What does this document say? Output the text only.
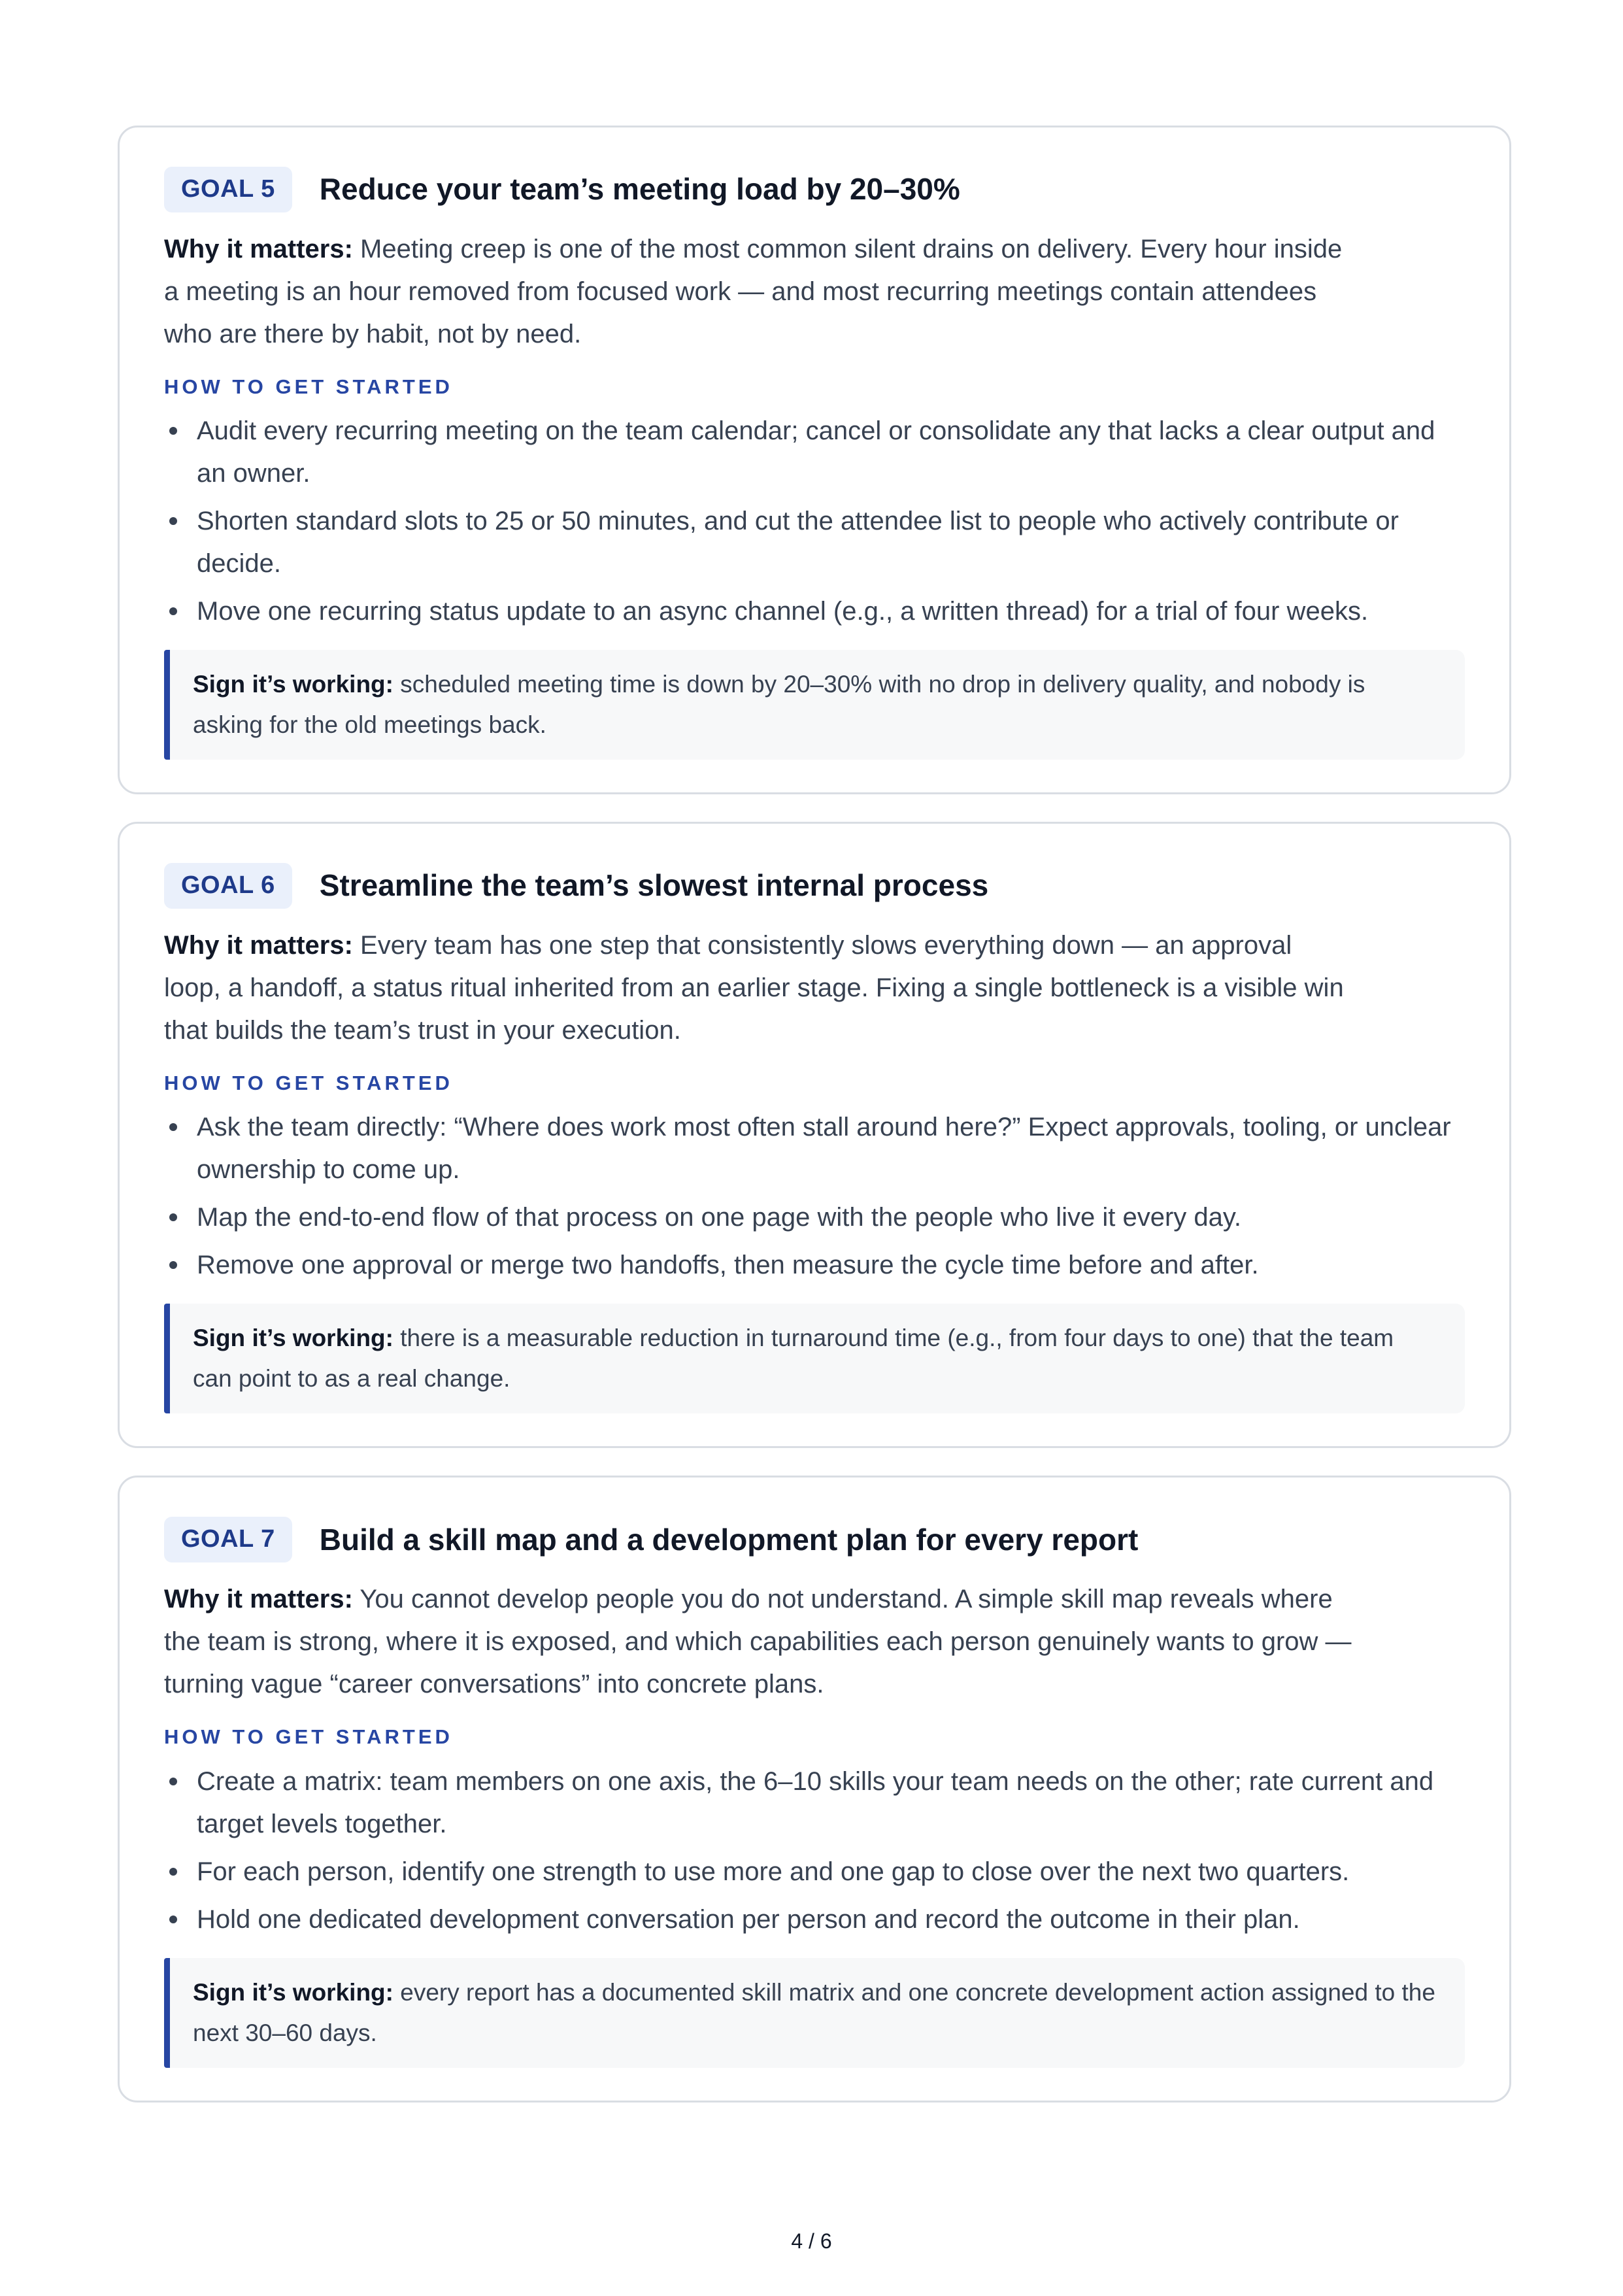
GOAL 5	Reduce your team’s meeting load by 20–30%

Why it matters: Meeting creep is one of the most common silent drains on delivery. Every hour inside a meeting is an hour removed from focused work — and most recurring meetings contain attendees who are there by habit, not by need.

HOW TO GET STARTED
Audit every recurring meeting on the team calendar; cancel or consolidate any that lacks a clear output and an owner.
Shorten standard slots to 25 or 50 minutes, and cut the attendee list to people who actively contribute or decide.
Move one recurring status update to an async channel (e.g., a written thread) for a trial of four weeks.
Sign it’s working: scheduled meeting time is down by 20–30% with no drop in delivery quality, and nobody is asking for the old meetings back.
GOAL 6	Streamline the team’s slowest internal process

Why it matters: Every team has one step that consistently slows everything down — an approval loop, a handoff, a status ritual inherited from an earlier stage. Fixing a single bottleneck is a visible win that builds the team’s trust in your execution.

HOW TO GET STARTED
Ask the team directly: “Where does work most often stall around here?” Expect approvals, tooling, or unclear ownership to come up.
Map the end-to-end flow of that process on one page with the people who live it every day.
Remove one approval or merge two handoffs, then measure the cycle time before and after.
Sign it’s working: there is a measurable reduction in turnaround time (e.g., from four days to one) that the team can point to as a real change.
GOAL 7	Build a skill map and a development plan for every report

Why it matters: You cannot develop people you do not understand. A simple skill map reveals where the team is strong, where it is exposed, and which capabilities each person genuinely wants to grow — turning vague “career conversations” into concrete plans.

HOW TO GET STARTED
Create a matrix: team members on one axis, the 6–10 skills your team needs on the other; rate current and target levels together.
For each person, identify one strength to use more and one gap to close over the next two quarters.
Hold one dedicated development conversation per person and record the outcome in their plan.
Sign it’s working: every report has a documented skill matrix and one concrete development action assigned to the next 30–60 days.
4 / 6
